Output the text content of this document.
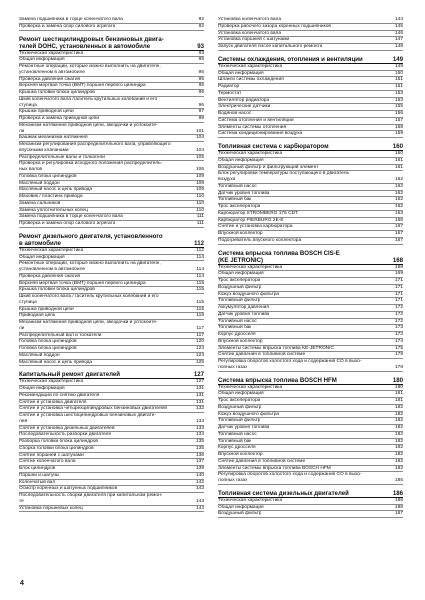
Замена подшипника в торце коленчатого вала	92
Проверка и замена опор силового агрегата	92
Ремонт шестицилиндровых бензиновых двига-
телей DOHC, установленных в автомобиле	93
Техническая характеристика	93
Общая информация	95
Ремонтные операции, которые можно выполнить на двигателе,
установленном в автомобиле	95
Проверка давления сжатия	95
Верхняя мертвая точка (ВМТ) поршня первого цилиндра	95
Крышка головки блока цилиндров	96
Шкив коленчатого вала /гаситель крутильных колебаний и его
ступица	96
Крышки приводной цепи	97
Проверка и замена приводной цепи	99
Механизм натяжения приводной цепи, звездочки и успокоите-
ли	101
Башмак механизма натяжения	104
Механизм регулирования распределительного вала, управляющего
впускными клапанами	104
Распределительные валы и толкатели	105
Проверка и регулировка исходного положения распределитель-
ных валов	106
Головка блока цилиндров	109
Масляный поддон	109
Масляный насос и цепь привода	109
Маховик / пластина привода	110
Замена сальников	110
Замена уплотнительных колец	110
Замена подшипника в торце коленчатого вала	111
Проверка и замена опор силового агрегата	111
Ремонт дизельного двигателя, установленного
в автомобиле	112
Техническая характеристика	112
Общая информация	114
Ремонтные операции, которые можно выполнить на двигателе,
установленном в автомобиле	114
Проверка давления сжатия	114
Верхняя мертвая точка (ВМТ) поршня первого цилиндра	115
Крышка головки блока цилиндров	115
Шкив коленчатого вала / гаситель крутильных колебаний и его
ступица	115
Крышка приводной цепи	115
Приводная цепь	116
Механизм натяжения приводной цепи, звездочки и успокоите-
ли	117
Распределительный вал и толкатели	117
Головка блока цилиндров	120
Головка блока цилиндров	124
Масляный поддон	124
Масляный насос и цепь привода	125
Капитальный ремонт двигателей	127
Техническая характеристика	127
Общая информация	131
Рекомендации по снятию двигателя	131
Снятие и установка двигателя	131
Снятие и установка четырехцилиндровых бензиновых двигателей	132
Снятие и установка шестицилиндровых бензиновых двигате-
лей	133
Снятие и установка дизельных двигателей	133
Последовательность разборки двигателя	134
Разборка головки блока цилиндров	135
Сборка головки блока цилиндров	135
Снятие поршней с шатунами	136
Снятие коленчатого вала	137
Блок цилиндров	139
Поршни и шатуны	140
Коленчатый вал	142
Осмотр коренных и шатунных подшипников	143
Последовательность сборки двигателя при капитальном ремон-
те	143
Установка поршневых колец	144
Установка коленчатого вала	144
Проверка рабочего зазора коренных подшипников	145
Установка коленчатого вала	146
Установка поршней с шатунами	147
Запуск двигателя после капитального ремонта	148
Системы охлаждения, отопления и вентиляции	149
Техническая характеристика	149
Общая информация	150
Шланги системы охлаждения	151
Радиатор	151
Термостат	153
Вентилятор радиатора	153
Электрические датчики	155
Водяной насос	156
Система отопления и вентиляции	157
Элементы системы отопления	158
Система кондиционирования воздуха	159
Топливная система с карбюратором	160
Техническая характеристика	160
Общая информация	161
Воздушный фильтр и фильтрующий элемент	161
Блок регулировки температуры поступающего в двигатель
воздуха	162
Топливный насос	162
Датчик уровня топлива	162
Топливный бак	162
Трос акселератора	162
Карбюратор STROMBERG 175 CDT	163
Карбюратор PIERBURG 2E-E	166
Снятие и установка карбюратора	167
Впускной коллектор	167
Подогреватель впускного коллектора	167
Система впрыска топлива BOSCH CIS-E
(KE JETRONIC)	168
Техническая характеристика	168
Общая информация	169
Трос акселератора	171
Воздушный фильтр	171
Кожух воздушного фильтра	171
Топливный фильтр	171
Аккумулятор давления	172
Датчик уровня топлива	172
Топливный насос	172
Топливный бак	173
Корпус дросселя	173
Впускной коллектор	174
Элементы системы впрыска топлива KE-JETRONIC	175
Снятие давления в топливной системе	178
Регулировка оборотов холостого хода и содержания CO в выхо-
лопных газах	178
Система впрыска топлива BOSCH HFM	180
Техническая характеристика	180
Общая информация	181
Трос акселератора	181
Воздушный фильтр	182
Кожух воздушного фильтра	182
Топливный фильтр	182
Датчик уровня топлива	182
Топливный насос	182
Топливный бак	182
Корпус дросселя	182
Впускной коллектор	182
Снятие давления в топливной системе	182
Элементы системы впрыска топлива BOSCH HFM	182
Регулировка оборотов холостого хода и содержания CO в выхо-
лопных газах	185
Топливная система дизельных двигателей	186
Техническая характеристика	186
Общая информация	186
Воздушный фильтр	187
4
